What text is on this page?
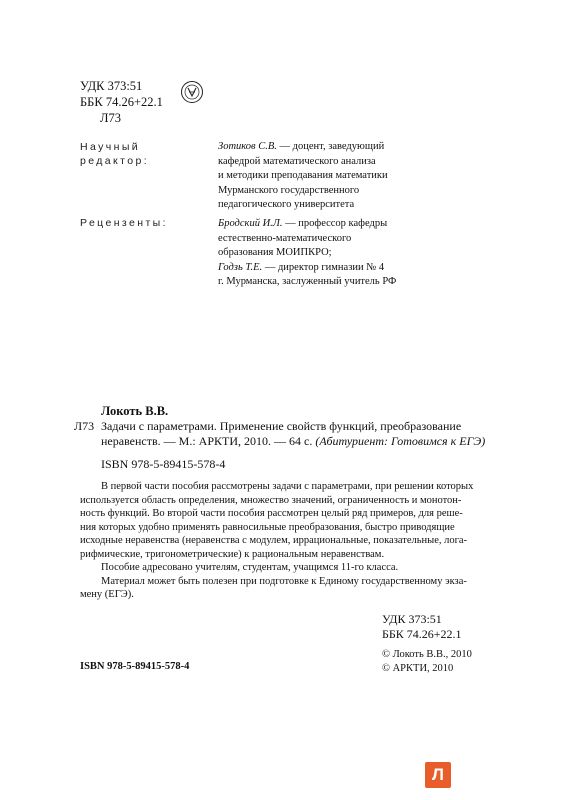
УДК 373:51
ББК 74.26+22.1
Л73
Научный
редактор:
Зотиков С.В. — доцент, заведующий
кафедрой математического анализа
и методики преподавания математики
Мурманского государственного
педагогического университета
Рецензенты:	Бродский И.Л. — профессор кафедры
естественно-математического
образования МОИПКРО;
Годзь Т.Е. — директор гимназии № 4
г. Мурманска, заслуженный учитель РФ
Локоть В.В.
Л73 Задачи с параметрами. Применение свойств функций, преобразование
неравенств. — М.: АРКТИ, 2010. — 64 с. (Абитуриент: Готовимся к ЕГЭ)
ISBN 978-5-89415-578-4
В первой части пособия рассмотрены задачи с параметрами, при решении которых
используется область определения, множество значений, ограниченность и монотон-
ность функций. Во второй части пособия рассмотрен целый ряд примеров, для реше-
ния которых удобно применять равносильные преобразования, быстро приводящие
исходные неравенства (неравенства с модулем, иррациональные, показательные, лога-
рифмические, тригонометрические) к рациональным неравенствам.
Пособие адресовано учителям, студентам, учащимся 11-го класса.
Материал может быть полезен при подготовке к Единому государственному экза-
мену (ЕГЭ).
УДК 373:51
ББК 74.26+22.1
ISBN 978-5-89415-578-4
© Локоть В.В., 2010
© АРКТИ, 2010
Л
